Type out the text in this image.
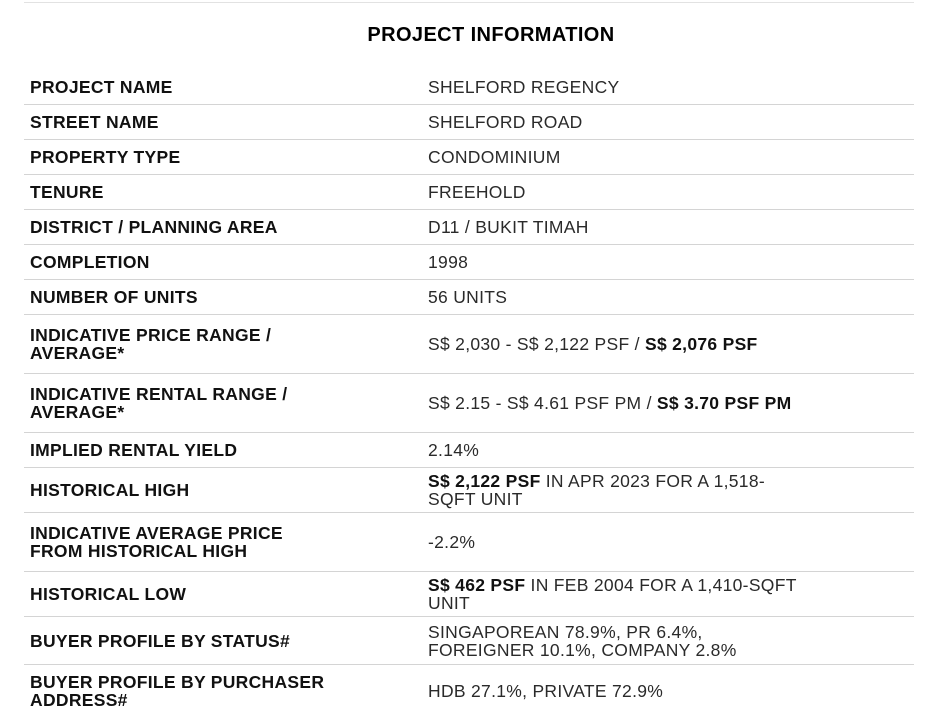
PROJECT INFORMATION
PROJECT NAME	SHELFORD REGENCY
STREET NAME	SHELFORD ROAD
PROPERTY TYPE	CONDOMINIUM
TENURE	FREEHOLD
DISTRICT / PLANNING AREA	D11 / BUKIT TIMAH
COMPLETION	1998
NUMBER OF UNITS	56 UNITS

INDICATIVE PRICE RANGE /
AVERAGE*	S$ 2,030 - S$ 2,122 PSF / S$ 2,076 PSF

INDICATIVE RENTAL RANGE /
AVERAGE*	S$ 2.15 - S$ 4.61 PSF PM / S$ 3.70 PSF PM
IMPLIED RENTAL YIELD	2.14%
HISTORICAL HIGH	S$ 2,122 PSF IN APR 2023 FOR A 1,518-
SQFT UNIT

INDICATIVE AVERAGE PRICE
FROM HISTORICAL HIGH	-2.2%
HISTORICAL LOW	S$ 462 PSF IN FEB 2004 FOR A 1,410-SQFT
UNIT

BUYER PROFILE BY STATUS#	SINGAPOREAN 78.9%, PR 6.4%,
FOREIGNER 10.1%, COMPANY 2.8%

BUYER PROFILE BY PURCHASER
ADDRESS#	HDB 27.1%, PRIVATE 72.9%
